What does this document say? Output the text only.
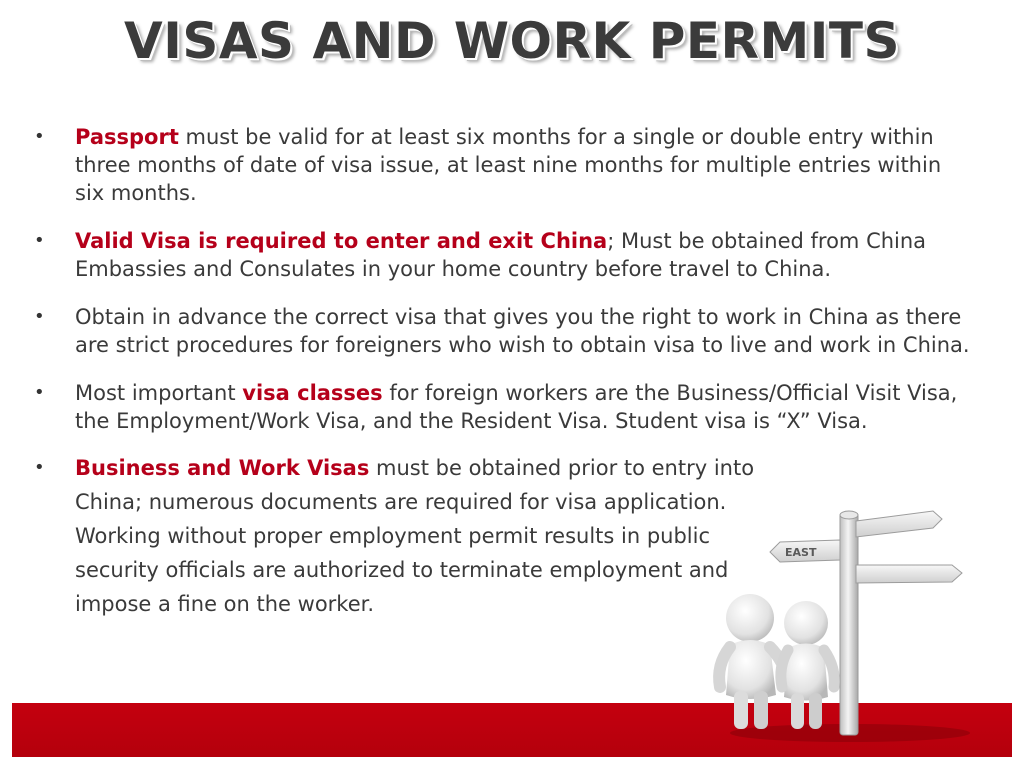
VISAS AND WORK PERMITS
• Passport must be valid for at least six months for a single or double entry within three months of date of visa issue, at least nine months for multiple entries within six months.
• Valid Visa is required to enter and exit China; Must be obtained from China Embassies and Consulates in your home country before travel to China.
• Obtain in advance the correct visa that gives you the right to work in China as there are strict procedures for foreigners who wish to obtain visa to live and work in China.
• Most important visa classes for foreign workers are the Business/Official Visit Visa, the Employment/Work Visa, and the Resident Visa. Student visa is “X” Visa.
• Business and Work Visas must be obtained prior to entry into China; numerous documents are required for visa application. Working without proper employment permit results in public security officials are authorized to terminate employment and impose a fine on the worker.
EAST
